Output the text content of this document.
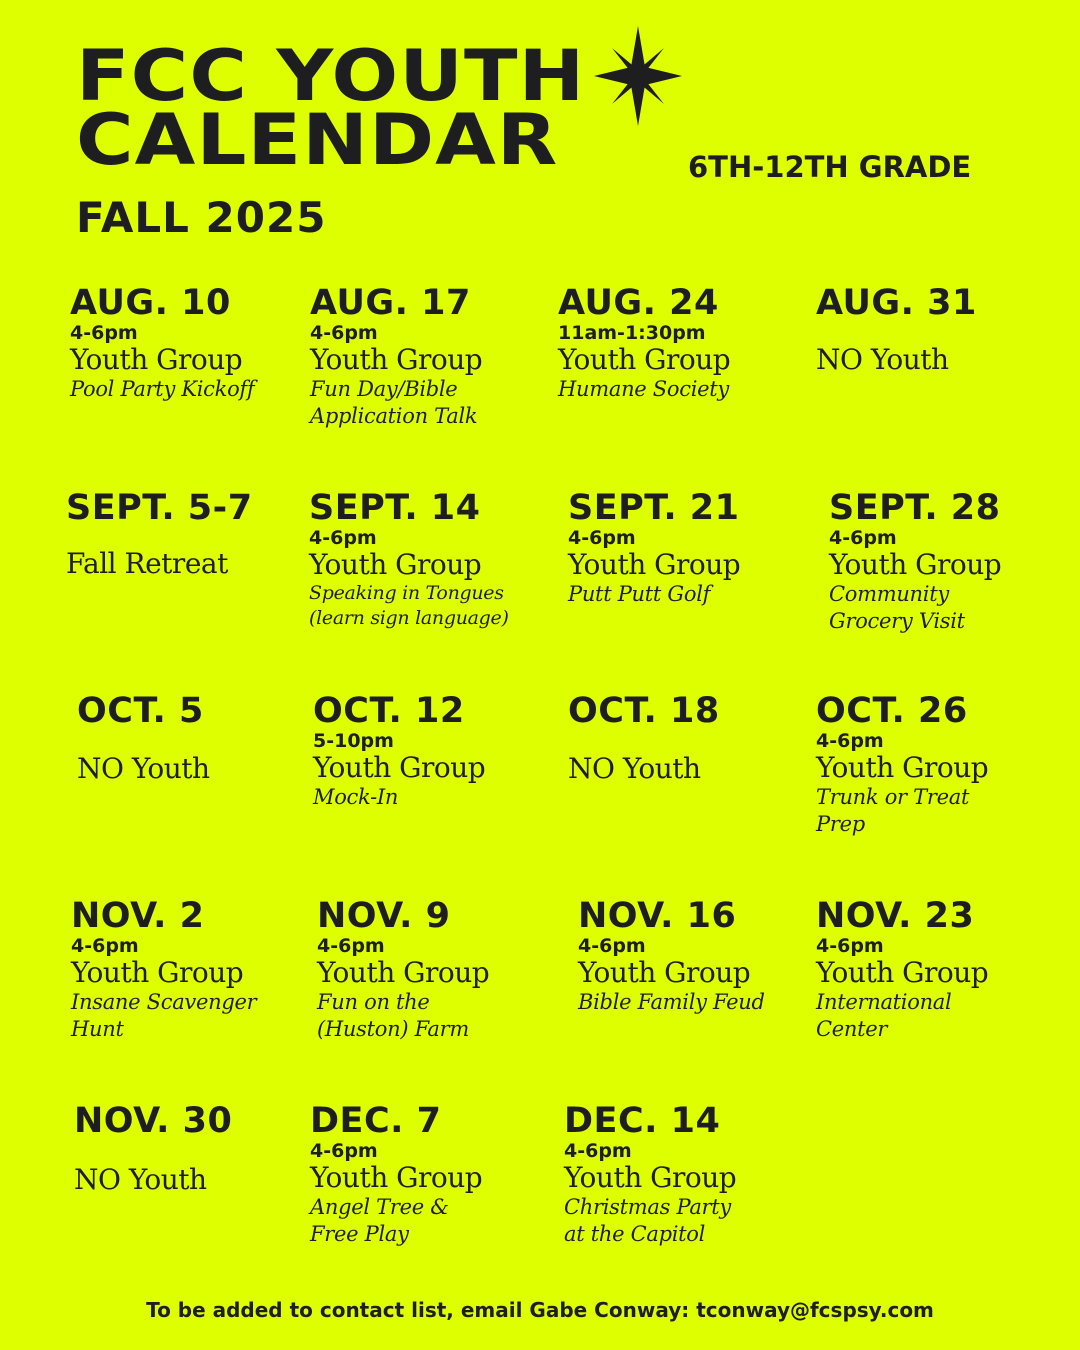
FCC YOUTH
CALENDAR	6TH-12TH GRADE
FALL 2025
AUG. 10
4-6pm
Youth Group
Pool Party Kickoff
AUG. 17
4-6pm
Youth Group
Fun Day/Bible
Application Talk
AUG. 24
11am-1:30pm
Youth Group
Humane Society
AUG. 31
NO Youth
SEPT. 5-7
Fall Retreat
SEPT. 14
4-6pm
Youth Group
Speaking in Tongues
(learn sign language)
SEPT. 21
4-6pm
Youth Group
Putt Putt Golf
SEPT. 28
4-6pm
Youth Group
Community
Grocery Visit
OCT. 5
NO Youth
OCT. 12
5-10pm
Youth Group
Mock-In
OCT. 18
NO Youth
OCT. 26
4-6pm
Youth Group
Trunk or Treat
Prep
NOV. 2
4-6pm
Youth Group
Insane Scavenger
Hunt
NOV. 9
4-6pm
Youth Group
Fun on the
(Huston) Farm
NOV. 16
4-6pm
Youth Group
Bible Family Feud
NOV. 23
4-6pm
Youth Group
International
Center
NOV. 30
NO Youth
DEC. 7
4-6pm
Youth Group
Angel Tree &
Free Play
DEC. 14
4-6pm
Youth Group
Christmas Party
at the Capitol
To be added to contact list, email Gabe Conway: tconway@fcspsy.com
